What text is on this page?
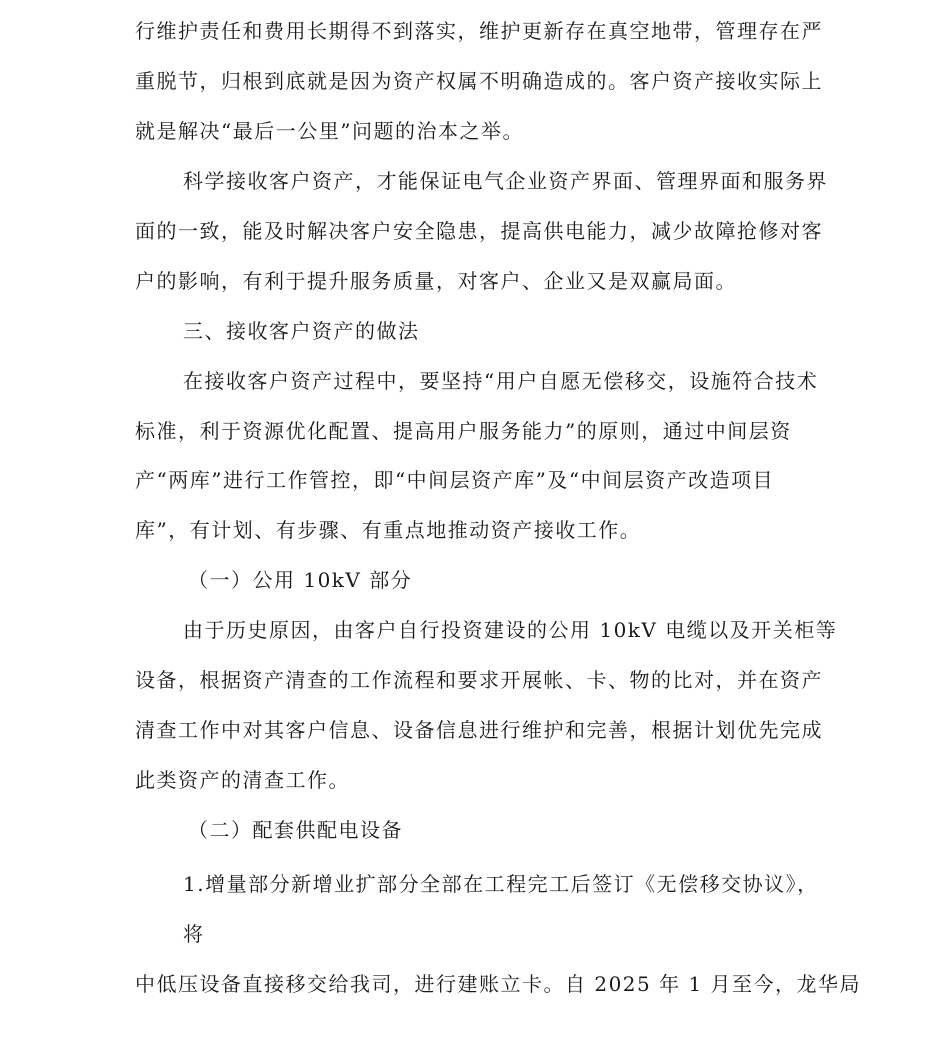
行维护责任和费用长期得不到落实，维护更新存在真空地带，管理存在严
重脱节，归根到底就是因为资产权属不明确造成的。客户资产接收实际上
就是解决“最后一公里”问题的治本之举。
科学接收客户资产，才能保证电气企业资产界面、管理界面和服务界
面的一致，能及时解决客户安全隐患，提高供电能力，减少故障抢修对客
户的影响，有利于提升服务质量，对客户、企业又是双赢局面。
三、接收客户资产的做法
在接收客户资产过程中，要坚持“用户自愿无偿移交，设施符合技术
标准，利于资源优化配置、提高用户服务能力”的原则，通过中间层资
产“两库”进行工作管控，即“中间层资产库”及“中间层资产改造项目
库”，有计划、有步骤、有重点地推动资产接收工作。
（一）公用 10kV 部分
由于历史原因，由客户自行投资建设的公用 10kV 电缆以及开关柜等
设备，根据资产清查的工作流程和要求开展帐、卡、物的比对，并在资产
清查工作中对其客户信息、设备信息进行维护和完善，根据计划优先完成
此类资产的清查工作。
（二）配套供配电设备
1.增量部分新增业扩部分全部在工程完工后签订《无偿移交协议》，
将
中低压设备直接移交给我司，进行建账立卡。自 2025 年 1 月至今，龙华局
